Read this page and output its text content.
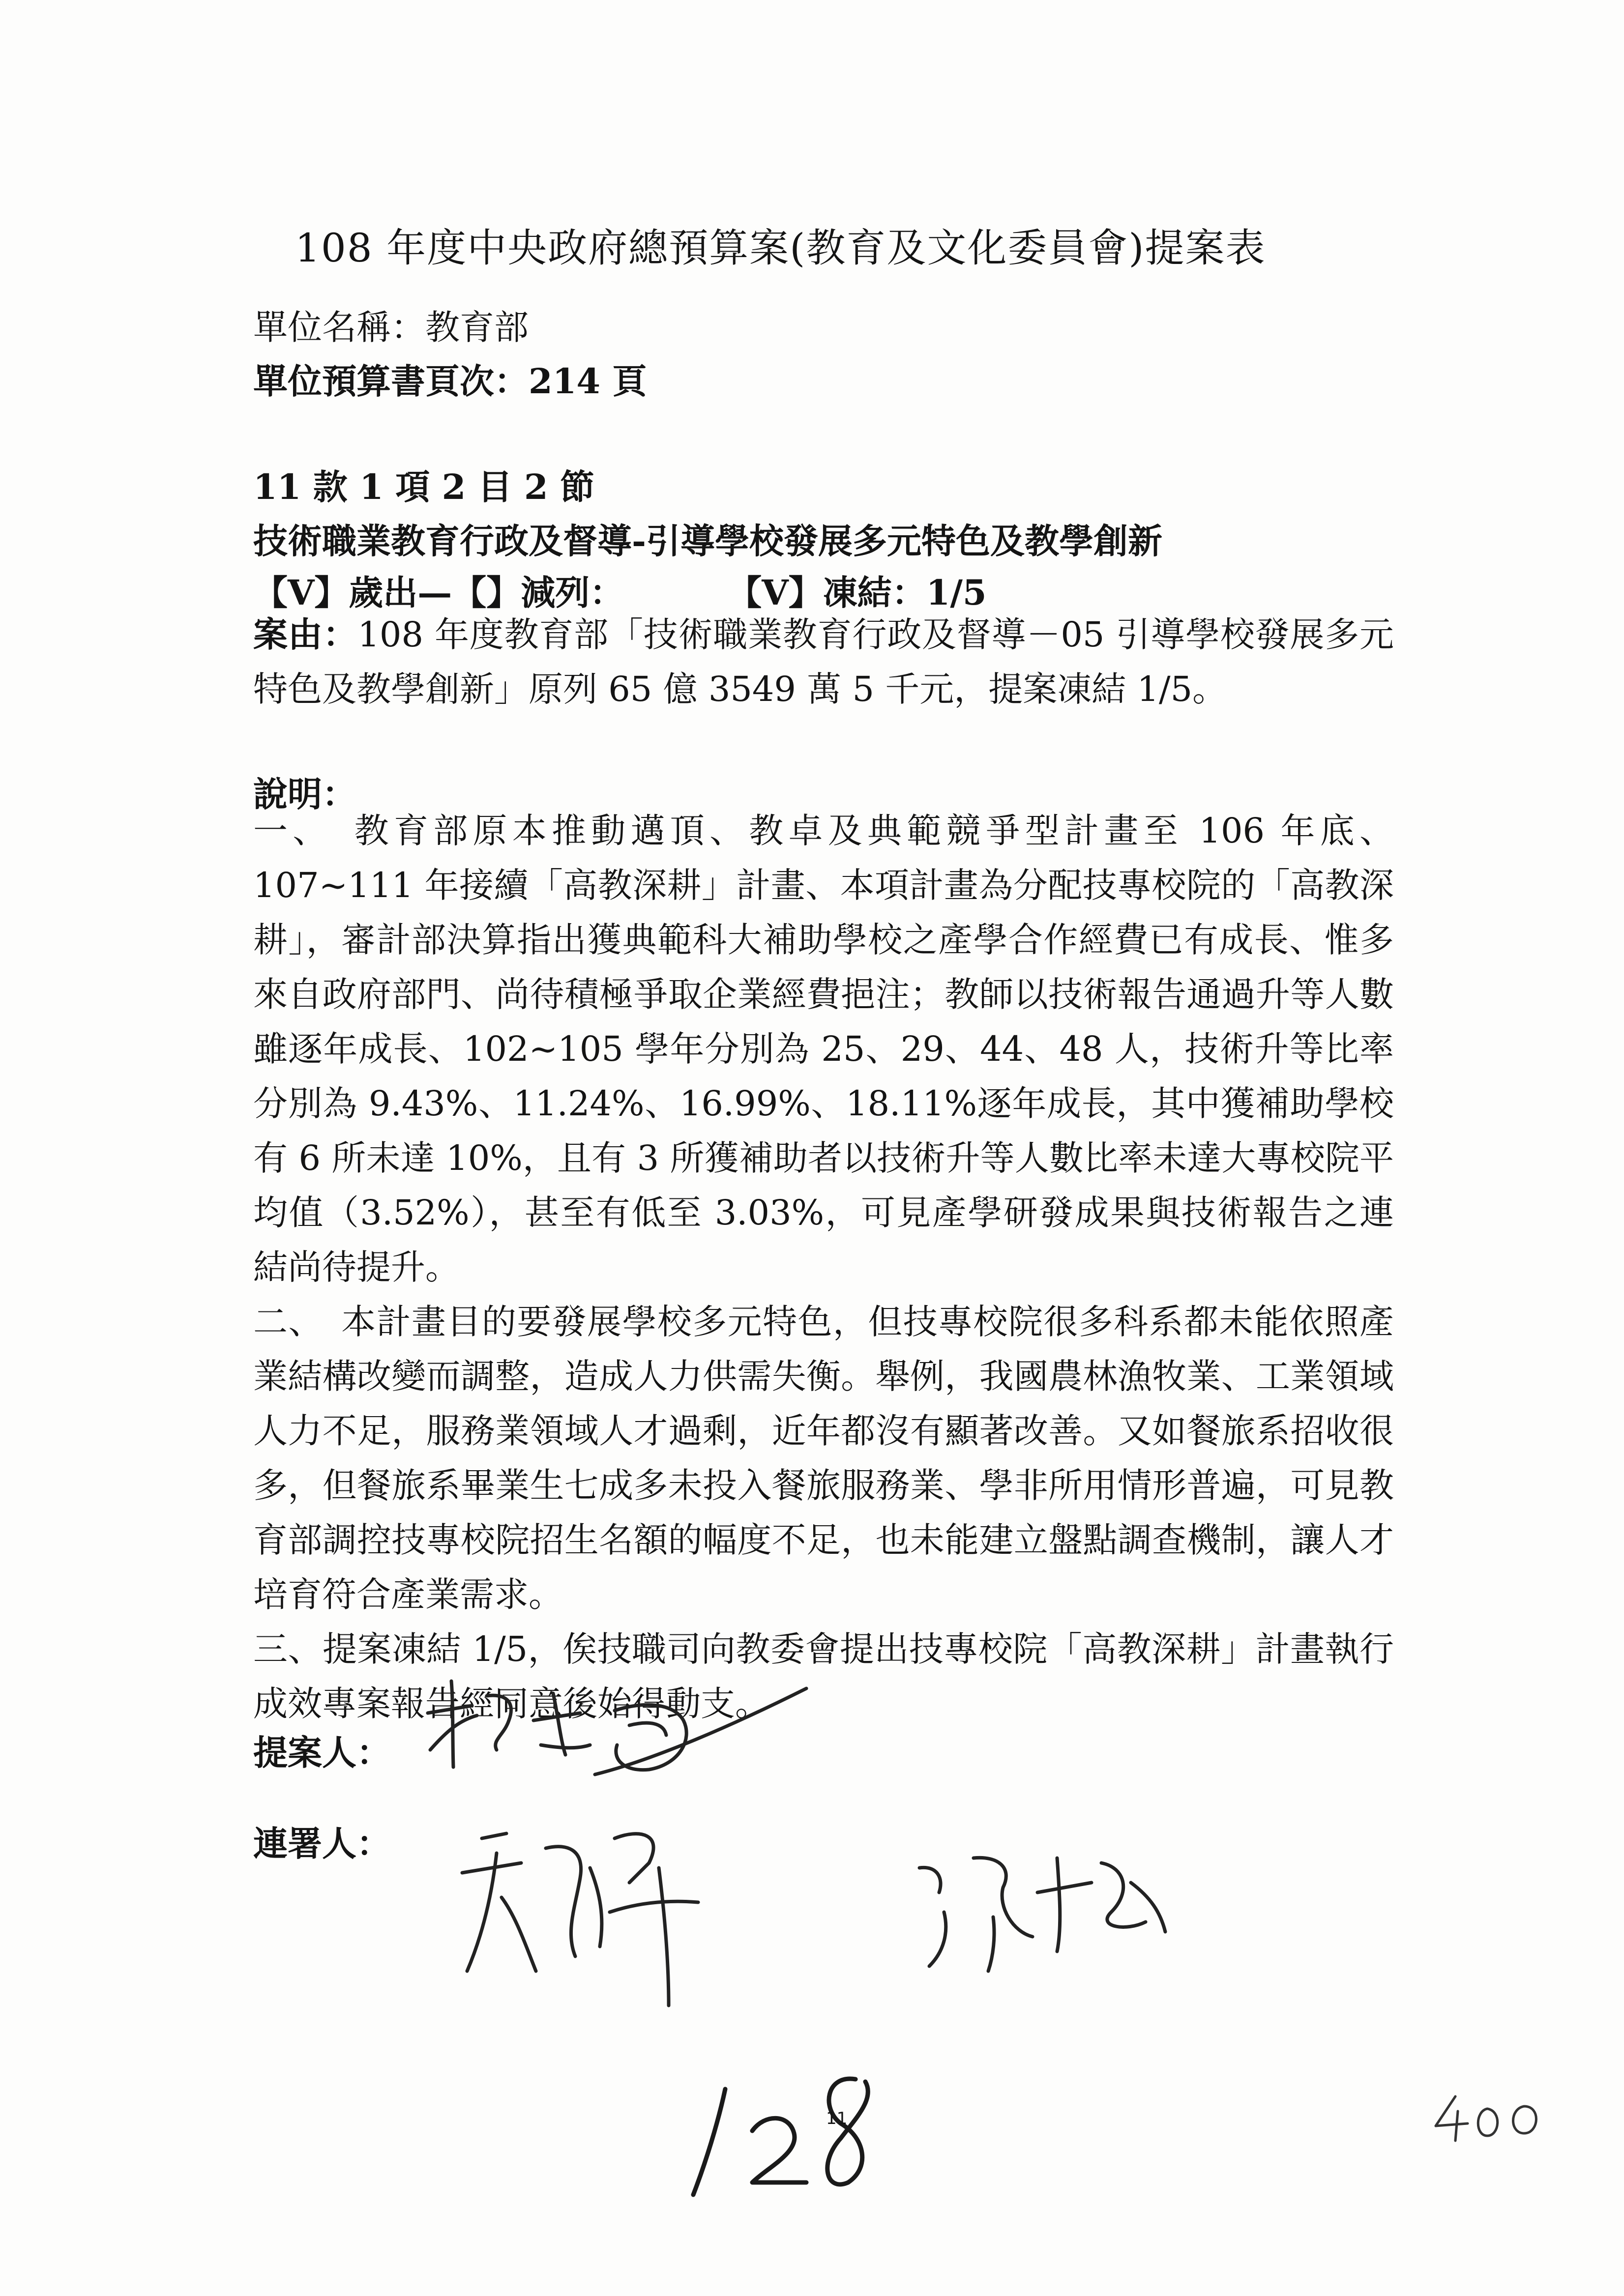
108 年度中央政府總預算案(教育及文化委員會)提案表
單位名稱：教育部
單位預算書頁次：214 頁
11 款 1 項 2 目 2 節
技術職業教育行政及督導-引導學校發展多元特色及教學創新
【V】歲出—【】減列：　　　　【V】凍結：1/5
案由：108 年度教育部「技術職業教育行政及督導－05 引導學校發展多元特色及教學創新」原列 65 億 3549 萬 5 千元，提案凍結 1/5。
說明：
一、　教育部原本推動邁頂、教卓及典範競爭型計畫至 106 年底、107~111 年接續「高教深耕」計畫、本項計畫為分配技專校院的「高教深耕」，審計部決算指出獲典範科大補助學校之產學合作經費已有成長、惟多來自政府部門、尚待積極爭取企業經費挹注；教師以技術報告通過升等人數雖逐年成長、102~105 學年分別為 25、29、44、48 人，技術升等比率分別為 9.43%、11.24%、16.99%、18.11%逐年成長，其中獲補助學校有 6 所未達 10%，且有 3 所獲補助者以技術升等人數比率未達大專校院平均值（3.52%），甚至有低至 3.03%，可見產學研發成果與技術報告之連結尚待提升。
二、　本計畫目的要發展學校多元特色，但技專校院很多科系都未能依照產業結構改變而調整，造成人力供需失衡。舉例，我國農林漁牧業、工業領域人力不足，服務業領域人才過剩，近年都沒有顯著改善。又如餐旅系招收很多，但餐旅系畢業生七成多未投入餐旅服務業、學非所用情形普遍，可見教育部調控技專校院招生名額的幅度不足，也未能建立盤點調查機制，讓人才培育符合產業需求。
三、提案凍結 1/5，俟技職司向教委會提出技專校院「高教深耕」計畫執行成效專案報告經同意後始得動支。
提案人：
連署人：
11
